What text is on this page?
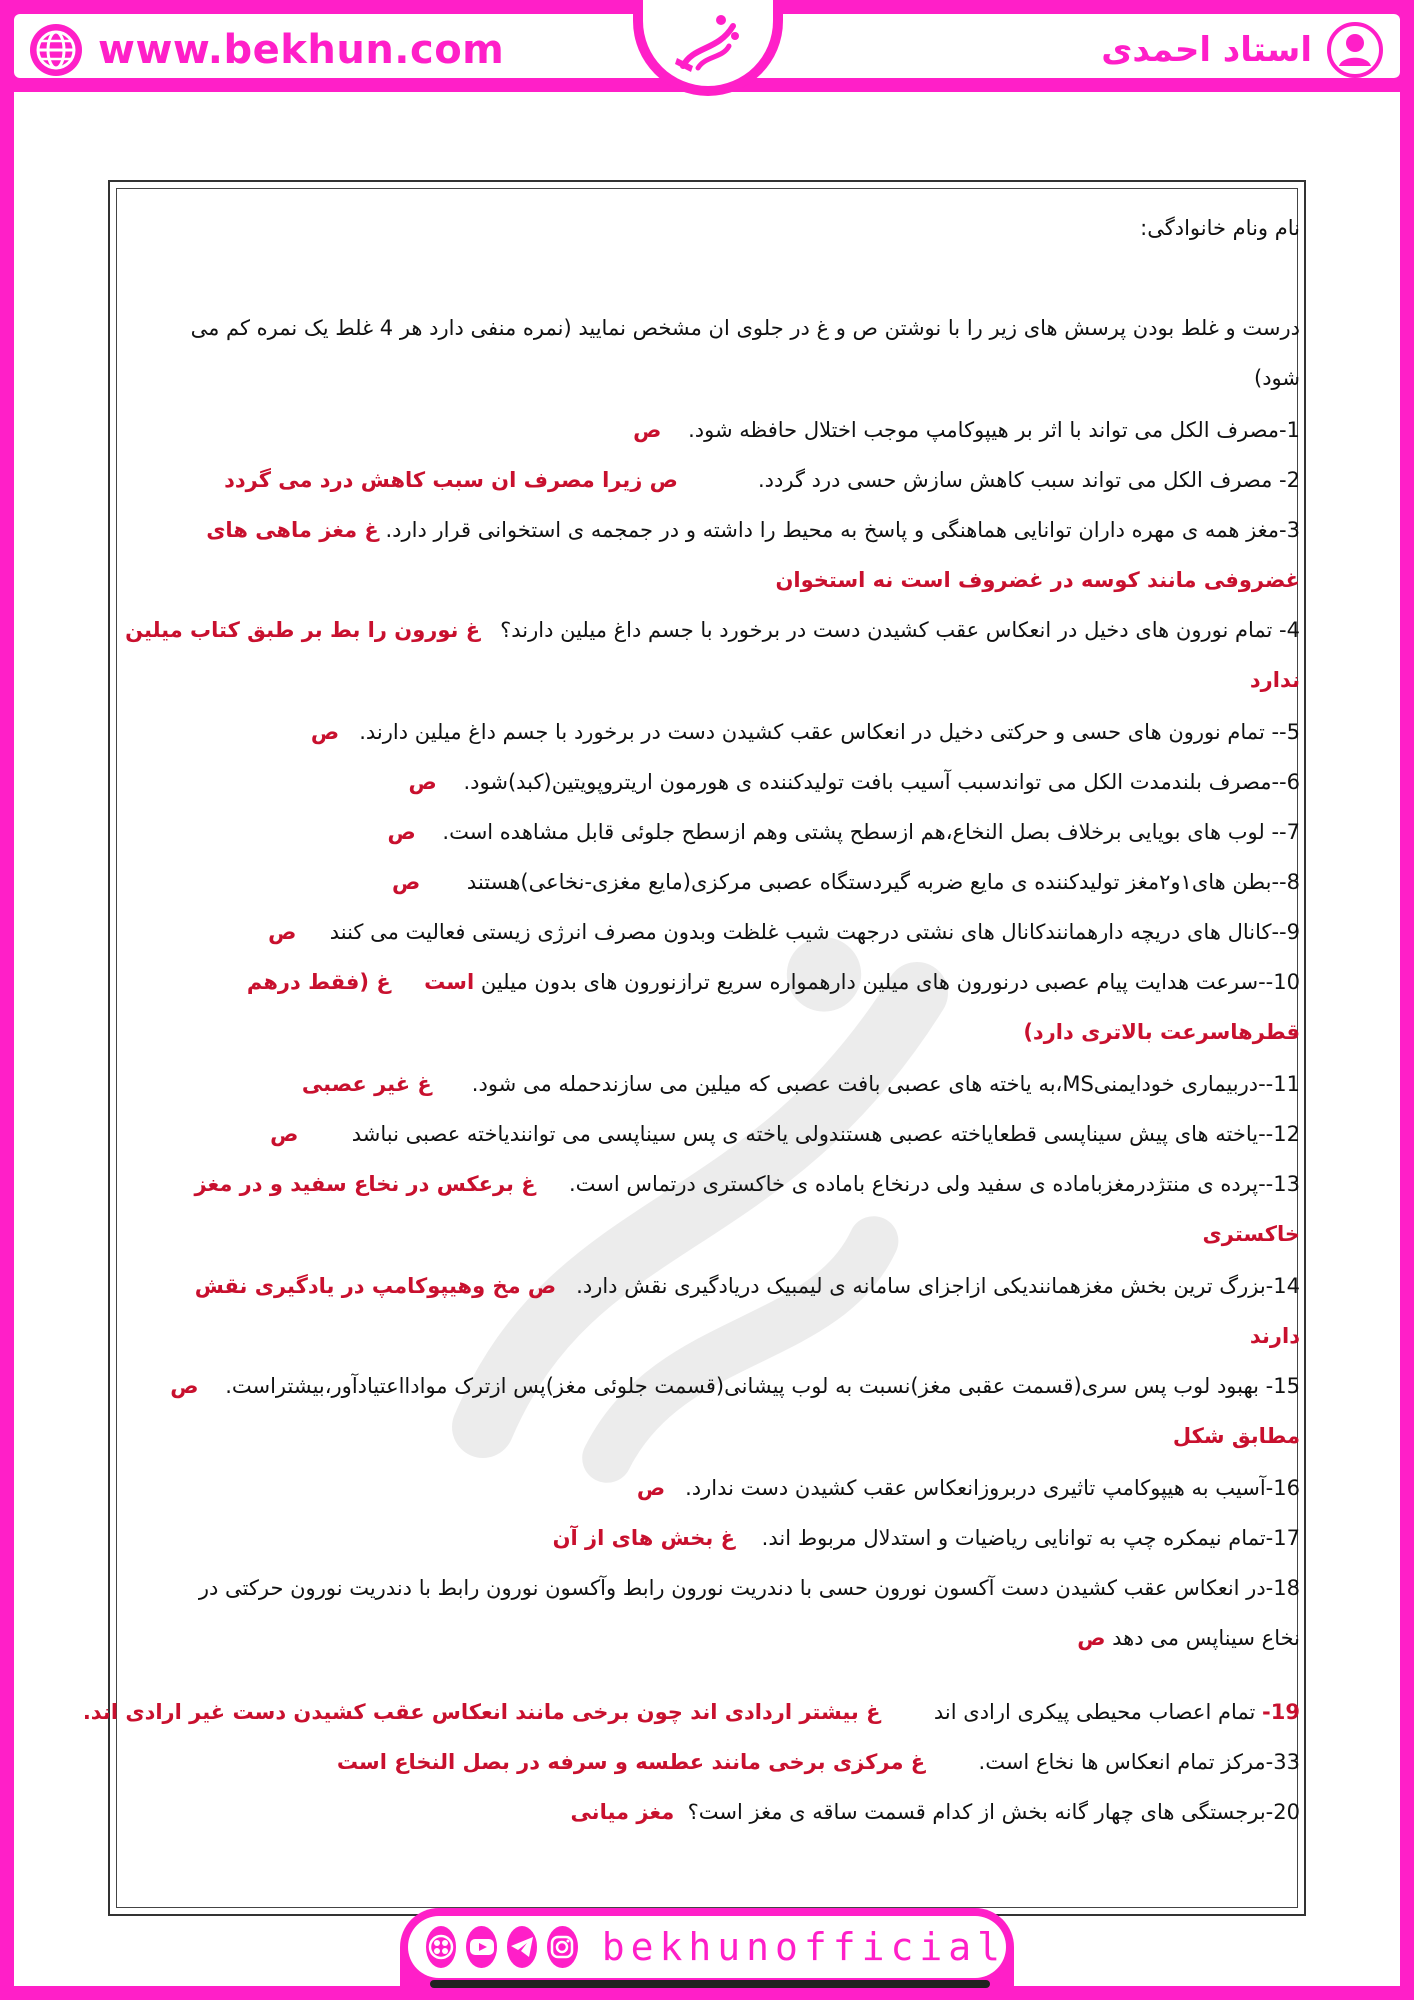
www.bekhun.com	استاد احمدی
نام ونام خانوادگی:
درست و غلط بودن پرسش های زیر را با نوشتن ص و غ در جلوی ان مشخص نمایید (نمره منفی دارد هر 4 غلط یک نمره کم می
شود)
1-مصرف الکل می تواند با اثر بر هیپوکامپ موجب اختلال حافظه شود.    ص
2- مصرف الکل می تواند سبب کاهش سازش حسی درد گردد.            ص زیرا مصرف ان سبب کاهش درد می گردد
3-مغز همه ی مهره داران توانایی هماهنگی و پاسخ به محیط را داشته و در جمجمه ی استخوانی قرار دارد. غ مغز ماهی های
غضروفی مانند کوسه در غضروف است نه استخوان
4- تمام نورون های دخیل در انعکاس عقب کشیدن دست در برخورد با جسم داغ میلین دارند؟   غ نورون را بط بر طبق کتاب میلین
ندارد
5-- تمام نورون های حسی و حرکتی دخیل در انعکاس عقب کشیدن دست در برخورد با جسم داغ میلین دارند.   ص
6--مصرف بلندمدت الکل می تواندسبب آسیب بافت تولیدکننده ی هورمون اریتروپویتین(کبد)شود.    ص
7-- لوب های بویایی برخلاف بصل النخاع،هم ازسطح پشتی وهم ازسطح جلوئی قابل مشاهده است.    ص
8--بطن های۱و۲مغز تولیدکننده ی مایع ضربه گیردستگاه عصبی مرکزی(مایع مغزی-نخاعی)هستند       ص
9--کانال های دریچه دارهمانندکانال های نشتی درجهت شیب غلظت وبدون مصرف انرژی زیستی فعالیت می کنند     ص
10--سرعت هدایت پیام عصبی درنورون های میلین دارهمواره سریع ترازنورون های بدون میلین است     غ (فقط درهم
قطرهاسرعت بالاتری دارد)
11--دربیماری خودایمنیMS،به یاخته های عصبی بافت عصبی که میلین می سازندحمله می شود.      غ غیر عصبی
12--یاخته های پیش سیناپسی قطعایاخته عصبی هستندولی یاخته ی پس سیناپسی می توانندیاخته عصبی نباشد        ص
13--پرده ی منتژدرمغزباماده ی سفید ولی درنخاع باماده ی خاکستری درتماس است.     غ برعکس در نخاع سفید و در مغز
خاکستری
14-بزرگ ترین بخش مغزهمانندیکی ازاجزای سامانه ی لیمبیک دریادگیری نقش دارد.   ص مخ وهیپوکامپ در یادگیری نقش
دارند
15- بهبود لوب پس سری(قسمت عقبی مغز)نسبت به لوب پیشانی(قسمت جلوئی مغز)پس ازترک موادااعتیادآور،بیشتراست.    ص
مطابق شکل
16-آسیب به هیپوکامپ تاثیری دربروزانعکاس عقب کشیدن دست ندارد.   ص
17-تمام نیمکره چپ به توانایی ریاضیات و استدلال مربوط اند.    غ بخش های از آن
18-در انعکاس عقب کشیدن دست آکسون نورون حسی با دندریت نورون رابط وآکسون نورون رابط با دندریت نورون حرکتی در
نخاع سیناپس می دهد ص
19- تمام اعصاب محیطی پیکری ارادی اند        غ بیشتر اردادی اند چون برخی مانند انعکاس عقب کشیدن دست غیر ارادی اند.
33-مرکز تمام انعکاس ها نخاع است.        غ مرکزی برخی مانند عطسه و سرفه در بصل النخاع است
20-برجستگی های چهار گانه بخش از کدام قسمت ساقه ی مغز است؟  مغز میانی
bekhunofficial
